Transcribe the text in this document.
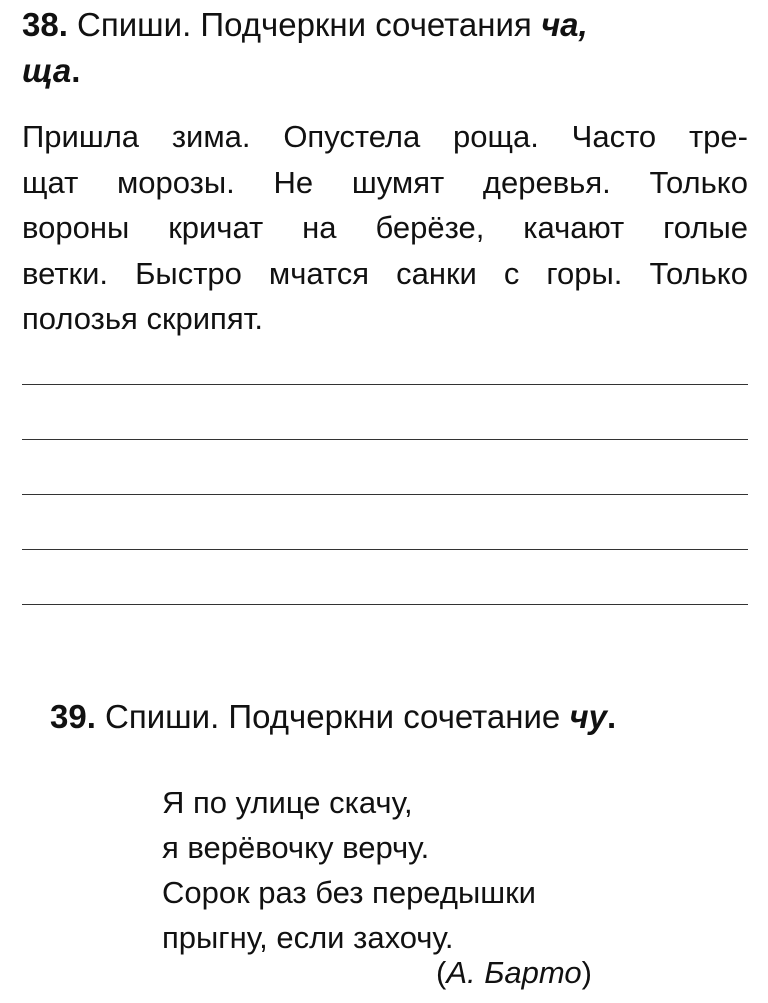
38. Спиши. Подчеркни сочетания ча,
ща.
Пришла зима. Опустела роща. Часто тре-
щат морозы. Не шумят деревья. Только
вороны кричат на берёзе, качают голые
ветки. Быстро мчатся санки с горы. Только
полозья скрипят.
39. Спиши. Подчеркни сочетание чу.
Я по улице скачу,
я верёвочку верчу.
Сорок раз без передышки
прыгну, если захочу.
(А. Барто)
